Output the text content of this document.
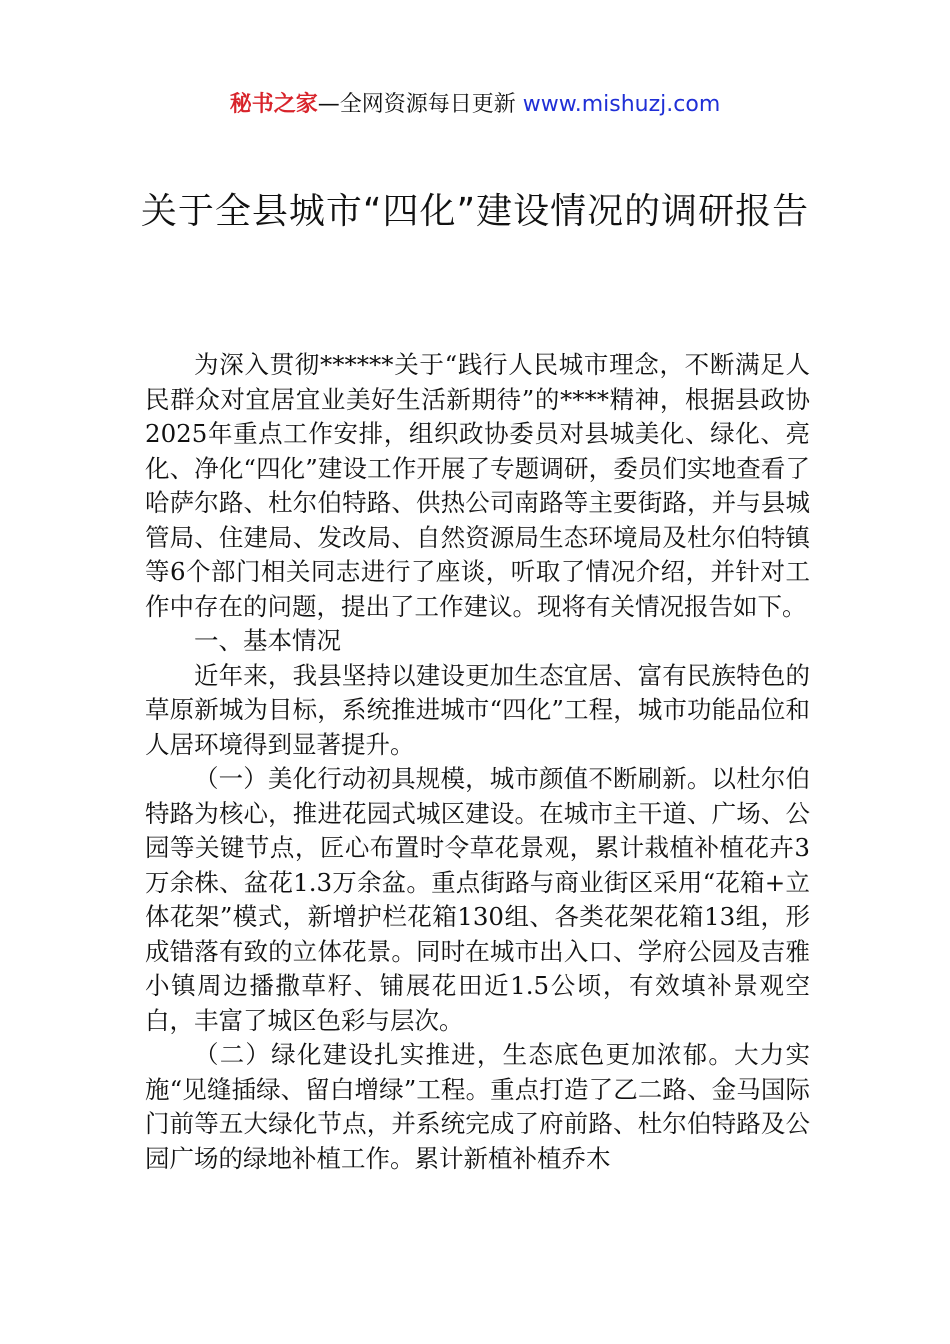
秘书之家—全网资源每日更新 www.mishuzj.com
关于全县城市“四化”建设情况的调研报告

为深入贯彻******关于“践行人民城市理念，不断满足人民群众对宜居宜业美好生活新期待”的****精神，根据县政协2025年重点工作安排，组织政协委员对县城美化、绿化、亮化、净化“四化”建设工作开展了专题调研，委员们实地查看了哈萨尔路、杜尔伯特路、供热公司南路等主要街路，并与县城管局、住建局、发改局、自然资源局生态环境局及杜尔伯特镇等6个部门相关同志进行了座谈，听取了情况介绍，并针对工作中存在的问题，提出了工作建议。现将有关情况报告如下。

一、基本情况

近年来，我县坚持以建设更加生态宜居、富有民族特色的草原新城为目标，系统推进城市“四化”工程，城市功能品位和人居环境得到显著提升。

（一）美化行动初具规模，城市颜值不断刷新。以杜尔伯特路为核心，推进花园式城区建设。在城市主干道、广场、公园等关键节点，匠心布置时令草花景观，累计栽植补植花卉3万余株、盆花1.3万余盆。重点街路与商业街区采用“花箱+立体花架”模式，新增护栏花箱130组、各类花架花箱13组，形成错落有致的立体花景。同时在城市出入口、学府公园及吉雅小镇周边播撒草籽、铺展花田近1.5公顷，有效填补景观空白，丰富了城区色彩与层次。

（二）绿化建设扎实推进，生态底色更加浓郁。大力实施“见缝插绿、留白增绿”工程。重点打造了乙二路、金马国际门前等五大绿化节点，并系统完成了府前路、杜尔伯特路及公园广场的绿地补植工作。累计新植补植乔木
